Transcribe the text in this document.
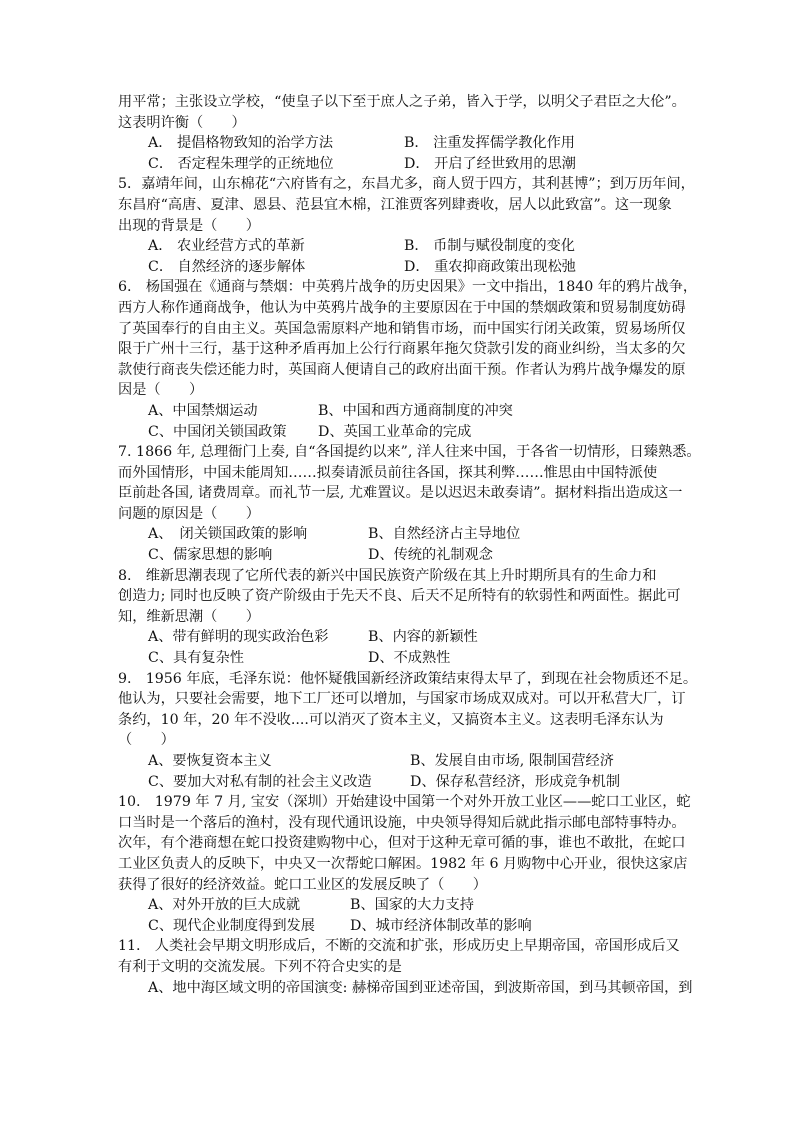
用平常；主张设立学校，“使皇子以下至于庶人之子弟，皆入于学，以明父子君臣之大伦”。
这表明许衡（　　）
A． 提倡格物致知的治学方法	B． 注重发挥儒学教化作用
C． 否定程朱理学的正统地位	D． 开启了经世致用的思潮
5．嘉靖年间，山东棉花“六府皆有之，东昌尤多，商人贸于四方，其利甚博”；到万历年间，
东昌府“高唐、夏津、恩县、范县宜木棉，江淮贾客列肆赉收，居人以此致富”。这一现象
出现的背景是（　　）
A． 农业经营方式的革新	B． 币制与赋役制度的变化
C． 自然经济的逐步解体	D． 重农抑商政策出现松弛
6.　杨国强在《通商与禁烟：中英鸦片战争的历史因果》一文中指出，1840 年的鸦片战争，
西方人称作通商战争，他认为中英鸦片战争的主要原因在于中国的禁烟政策和贸易制度妨碍
了英国奉行的自由主义。英国急需原料产地和销售市场，而中国实行闭关政策，贸易场所仅
限于广州十三行，基于这种矛盾再加上公行行商累年拖欠贷款引发的商业纠纷，当太多的欠
款使行商丧失偿还能力时，英国商人便请自己的政府出面干预。作者认为鸦片战争爆发的原
因是（　　）
A、中国禁烟运动	B、中国和西方通商制度的冲突
C、中国闭关锁国政策	D、英国工业革命的完成
7. 1866 年, 总理衙门上奏, 自“各国提约以来”, 洋人往来中国，于各省一切情形，日臻熟悉。
而外国情形，中国未能周知……拟奏请派员前往各国，探其利弊……惟思由中国特派使
臣前赴各国, 诸费周章。而礼节一层, 尤难置议。是以迟迟未敢奏请”。据材料指出造成这一
问题的原因是（　　）
A、　闭关锁国政策的影响	B、自然经济占主导地位
C、儒家思想的影响	D、传统的礼制观念
8.　维新思潮表现了它所代表的新兴中国民族资产阶级在其上升时期所具有的生命力和
创造力; 同时也反映了资产阶级由于先天不良、后天不足所特有的软弱性和两面性。据此可
知，维新思潮（　　）
A、带有鲜明的现实政治色彩	B、内容的新颖性
C、具有复杂性	D、不成熟性
9.　1956 年底，毛泽东说：他怀疑俄国新经济政策结束得太早了，到现在社会物质还不足。
他认为，只要社会需要，地下工厂还可以增加，与国家市场成双成对。可以开私营大厂，订
条约，10 年，20 年不没收....可以消灭了资本主义，又搞资本主义。这表明毛泽东认为
（　　）
A、要恢复资本主义	B、发展自由市场, 限制国营经济
C、要加大对私有制的社会主义改造	D、保存私营经济，形成竞争机制
10.　1979 年 7 月, 宝安（深圳）开始建设中国第一个对外开放工业区——蛇口工业区，蛇
口当时是一个落后的渔村，没有现代通讯设施，中央领导得知后就此指示邮电部特事特办。
次年，有个港商想在蛇口投资建购物中心，但对于这种无章可循的事，谁也不敢批，在蛇口
工业区负责人的反映下，中央又一次帮蛇口解困。1982 年 6 月购物中心开业，很快这家店
获得了很好的经济效益。蛇口工业区的发展反映了（　　）
A、对外开放的巨大成就	B、国家的大力支持
C、现代企业制度得到发展	D、城市经济体制改革的影响
11.　人类社会早期文明形成后，不断的交流和扩张，形成历史上早期帝国，帝国形成后又
有利于文明的交流发展。下列不符合史实的是
A、地中海区域文明的帝国演变: 赫梯帝国到亚述帝国，到波斯帝国，到马其顿帝国，到
